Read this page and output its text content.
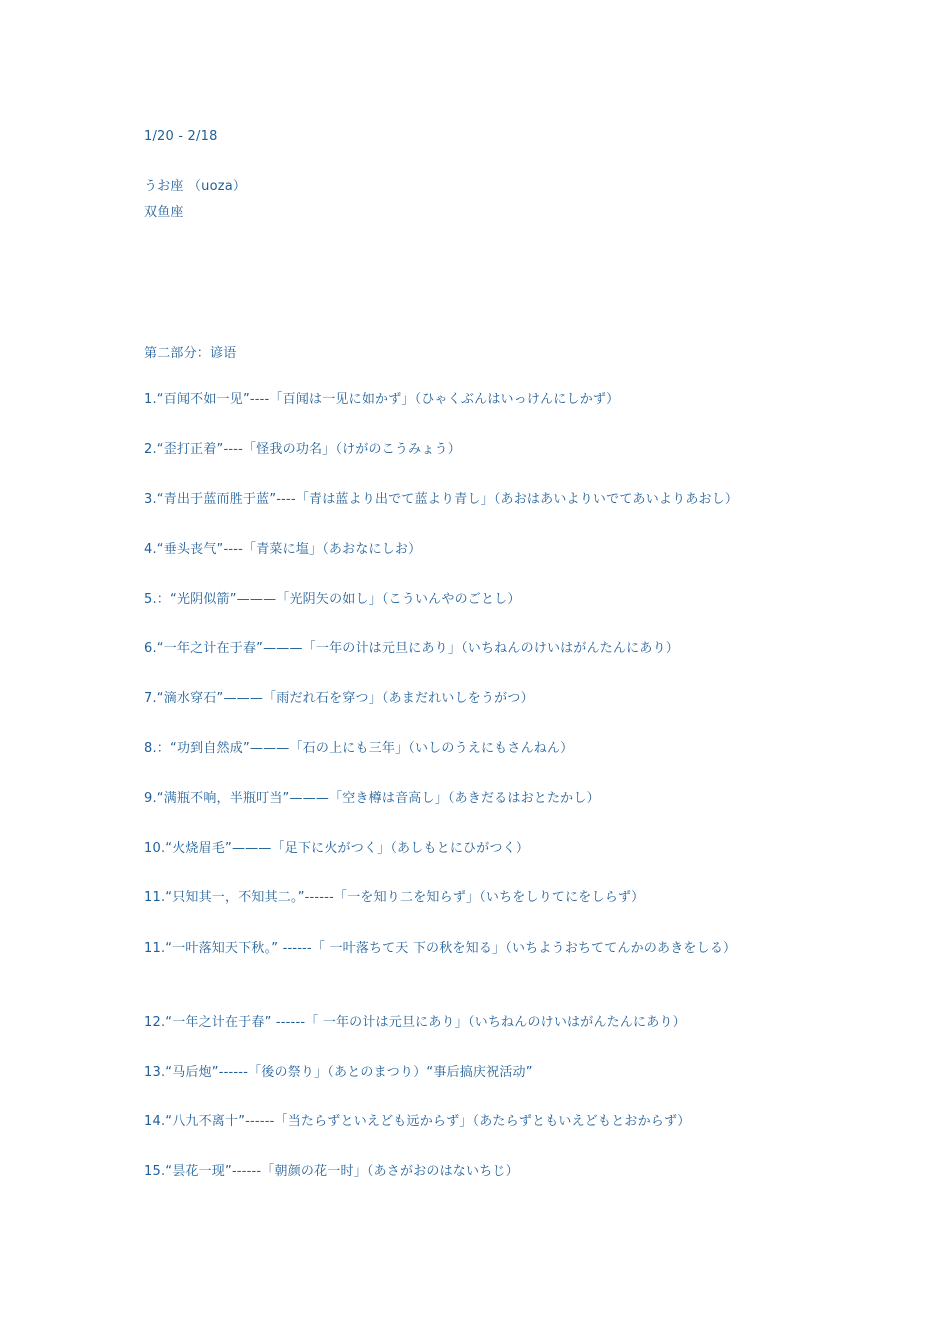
1/20 - 2/18
うお座 （uoza）
双鱼座
第二部分：谚语
1.“百闻不如一见”----「百闻は一见に如かず」（ひゃくぶんはいっけんにしかず）
2.“歪打正着”----「怪我の功名」（けがのこうみょう）
3.“青出于蓝而胜于蓝”----「青は蓝より出でて蓝より青し」（あおはあいよりいでてあいよりあおし）
4.“垂头丧气”----「青菜に塩」（あおなにしお）
5.：“光阴似箭”———「光阴矢の如し」（こういんやのごとし）
6.“一年之计在于春”———「一年の计は元旦にあり」（いちねんのけいはがんたんにあり）
7.“滴水穿石”———「雨だれ石を穿つ」（あまだれいしをうがつ）
8.：“功到自然成”———「石の上にも三年」（いしのうえにもさんねん）
9.“满瓶不响，半瓶叮当”———「空き樽は音高し」（あきだるはおとたかし）
10.“火烧眉毛”———「足下に火がつく」（あしもとにひがつく）
11.“只知其一，不知其二。”------「一を知り二を知らず」（いちをしりてにをしらず）
11.“一叶落知天下秋。” ------「 一叶落ちて天 下の秋を知る」（いちようおちててんかのあきをしる）
12.“一年之计在于春” ------「 一年の计は元旦にあり」（いちねんのけいはがんたんにあり）
13.“马后炮”------「後の祭り」（あとのまつり）“事后搞庆祝活动”
14.“八九不离十”------「当たらずといえども远からず」（あたらずともいえどもとおからず）
15.“昙花一现”------「朝颜の花一时」（あさがおのはないちじ）
